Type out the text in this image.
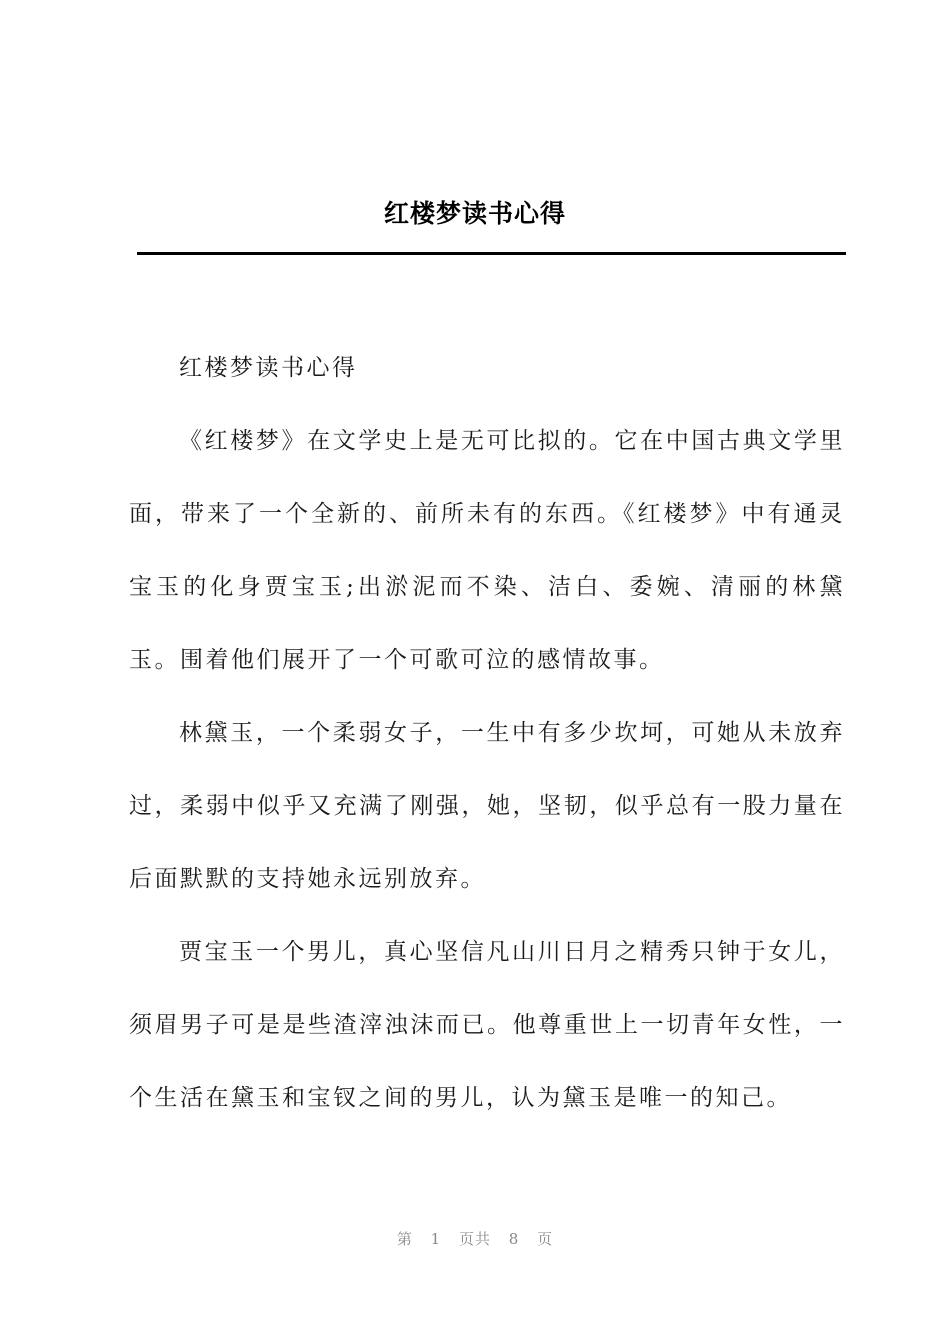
红楼梦读书心得

红楼梦读书心得

《红楼梦》在文学史上是无可比拟的。它在中国古典文学里面，带来了一个全新的、前所未有的东西。《红楼梦》中有通灵宝玉的化身贾宝玉;出淤泥而不染、洁白、委婉、清丽的林黛玉。围着他们展开了一个可歌可泣的感情故事。

林黛玉，一个柔弱女子，一生中有多少坎坷，可她从未放弃过，柔弱中似乎又充满了刚强，她，坚韧，似乎总有一股力量在后面默默的支持她永远别放弃。

贾宝玉一个男儿，真心坚信凡山川日月之精秀只钟于女儿，须眉男子可是是些渣滓浊沫而已。他尊重世上一切青年女性，一个生活在黛玉和宝钗之间的男儿，认为黛玉是唯一的知己。

第 1 页共 8 页
